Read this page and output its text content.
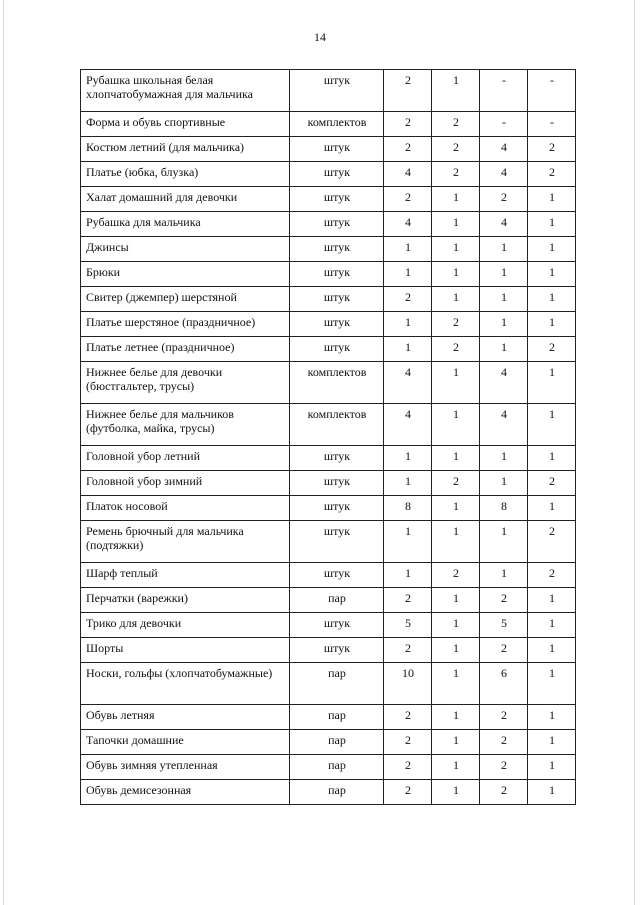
14
Рубашка школьная белая хлопчатобумажная для мальчика	штук	2	1	-	-
Форма и обувь спортивные	комплектов	2	2	-	-
Костюм летний (для мальчика)	штук	2	2	4	2
Платье (юбка, блузка)	штук	4	2	4	2
Халат домашний для девочки	штук	2	1	2	1
Рубашка для мальчика	штук	4	1	4	1
Джинсы	штук	1	1	1	1
Брюки	штук	1	1	1	1
Свитер (джемпер) шерстяной	штук	2	1	1	1
Платье шерстяное (праздничное)	штук	1	2	1	1
Платье летнее (праздничное)	штук	1	2	1	2
Нижнее белье для девочки (бюстгальтер, трусы)	комплектов	4	1	4	1
Нижнее белье для мальчиков (футболка, майка, трусы)	комплектов	4	1	4	1
Головной убор летний	штук	1	1	1	1
Головной убор зимний	штук	1	2	1	2
Платок носовой	штук	8	1	8	1
Ремень брючный для мальчика (подтяжки)	штук	1	1	1	2
Шарф теплый	штук	1	2	1	2
Перчатки (варежки)	пар	2	1	2	1
Трико для девочки	штук	5	1	5	1
Шорты	штук	2	1	2	1
Носки, гольфы (хлопчатобумажные)	пар	10	1	6	1
Обувь летняя	пар	2	1	2	1
Тапочки домашние	пар	2	1	2	1
Обувь зимняя утепленная	пар	2	1	2	1
Обувь демисезонная	пар	2	1	2	1
